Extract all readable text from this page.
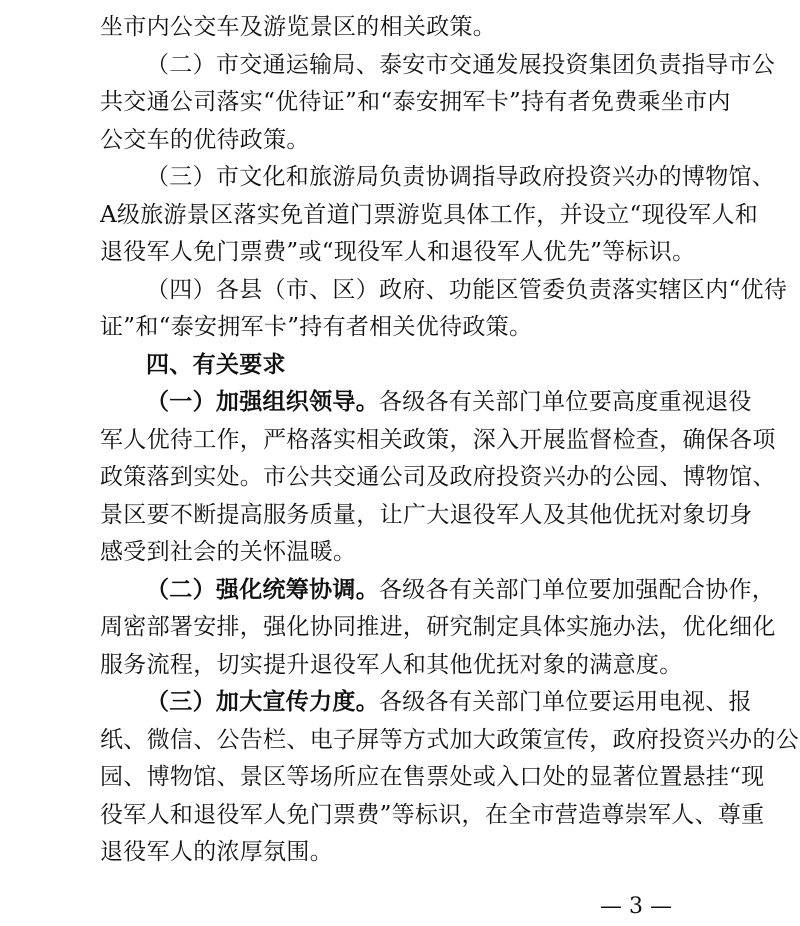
坐市内公交车及游览景区的相关政策。
（二）市交通运输局、泰安市交通发展投资集团负责指导市公
共交通公司落实“优待证”和“泰安拥军卡”持有者免费乘坐市内
公交车的优待政策。
（三）市文化和旅游局负责协调指导政府投资兴办的博物馆、
A级旅游景区落实免首道门票游览具体工作，并设立“现役军人和
退役军人免门票费”或“现役军人和退役军人优先”等标识。
（四）各县（市、区）政府、功能区管委负责落实辖区内“优待
证”和“泰安拥军卡”持有者相关优待政策。
四、有关要求
（一）加强组织领导。各级各有关部门单位要高度重视退役
军人优待工作，严格落实相关政策，深入开展监督检查，确保各项
政策落到实处。市公共交通公司及政府投资兴办的公园、博物馆、
景区要不断提高服务质量，让广大退役军人及其他优抚对象切身
感受到社会的关怀温暖。
（二）强化统筹协调。各级各有关部门单位要加强配合协作，
周密部署安排，强化协同推进，研究制定具体实施办法，优化细化
服务流程，切实提升退役军人和其他优抚对象的满意度。
（三）加大宣传力度。各级各有关部门单位要运用电视、报
纸、微信、公告栏、电子屏等方式加大政策宣传，政府投资兴办的公
园、博物馆、景区等场所应在售票处或入口处的显著位置悬挂“现
役军人和退役军人免门票费”等标识，在全市营造尊崇军人、尊重
退役军人的浓厚氛围。
— 3 —
